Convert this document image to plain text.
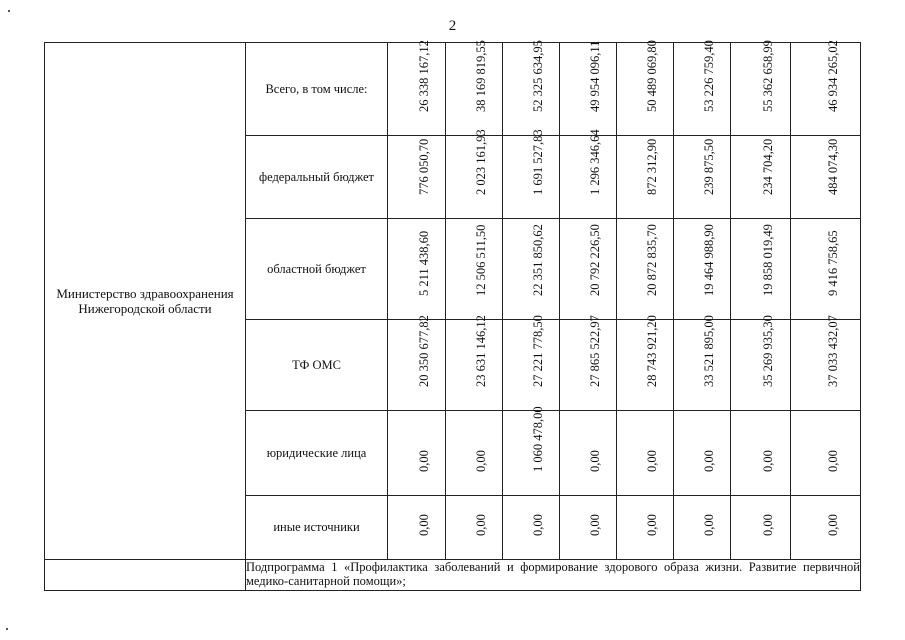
2
Министерство здравоохранения Нижегородской области	Всего, в том числе:	26 338 167,12	38 169 819,55	52 325 634,95	49 954 096,11	50 489 069,80	53 226 759,40	55 362 658,99	46 934 265,02

	федеральный бюджет	776 050,70	2 023 161,93	1 691 527,83	1 296 346,64	872 312,90	239 875,50	234 704,20	484 074,30

	областной бюджет	5 211 438,60	12 506 511,50	22 351 850,62	20 792 226,50	20 872 835,70	19 464 988,90	19 858 019,49	9 416 758,65

	ТФ ОМС	20 350 677,82	23 631 146,12	27 221 778,50	27 865 522,97	28 743 921,20	33 521 895,00	35 269 935,30	37 033 432,07

	юридические лица	0,00	0,00	1 060 478,00	0,00	0,00	0,00	0,00	0,00

	иные источники	0,00	0,00	0,00	0,00	0,00	0,00	0,00	0,00

	Подпрограмма 1 «Профилактика заболеваний и формирование здорового образа жизни. Развитие первичной медико-санитарной помощи»;								
